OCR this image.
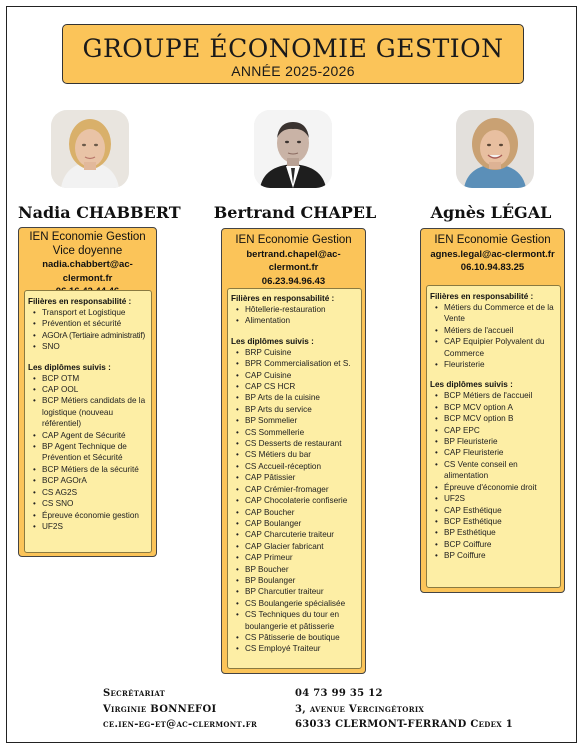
GROUPE ÉCONOMIE GESTION
ANNÉE 2025-2026
Nadia CHABBERT Bertrand CHAPEL	Agnès LÉGAL
IEN Economie Gestion
Vice doyenne
nadia.chabbert@ac-clermont.fr
Filières en responsabilité :
• Transport et Logistique
• Prévention et sécurité
• AGOrA (Tertiaire administratif)
• SNO
Les diplômes suivis :
• BCP OTM
• CAP OOL
• BCP Métiers candidats de la logistique (nouveau référentiel)
• CAP Agent de Sécurité
• BP Agent Technique de Prévention et Sécurité
• BCP Métiers de la sécurité
• BCP AGOrA
• CS AG2S
• CS SNO
• Épreuve économie gestion
• UF2S
IEN Economie Gestion
bertrand.chapel@ac-clermont.fr
06.23.94.96.43
Filières en responsabilité :
• Hôtellerie-restauration
• Alimentation
Les diplômes suivis :
• BRP Cuisine
• BPR Commercialisation et S.
• CAP Cuisine
• CAP CS HCR
• BP Arts de la cuisine
• BP Arts du service
• BP Sommelier
• CS Sommellerie
• CS Desserts de restaurant
• CS Métiers du bar
• CS Accueil-réception
• CAP Pâtissier
• CAP Crémier-fromager
• CAP Chocolaterie confiserie
• CAP Boucher
• CAP Boulanger
• CAP Charcuterie traiteur
• CAP Glacier fabricant
• CAP Primeur
• BP Boucher
• BP Boulanger
• BP Charcutier traiteur
• CS Boulangerie spécialisée
• CS Techniques du tour en boulangerie et pâtisserie
• CS Pâtisserie de boutique
• CS Employé Traiteur
IEN Economie Gestion
agnes.legal@ac-clermont.fr
06.10.94.83.25
Filières en responsabilité :
• Métiers du Commerce et de la Vente
• Métiers de l'accueil
• CAP Equipier Polyvalent du Commerce
• Fleuristerie
Les diplômes suivis :
• BCP Métiers de l'accueil
• BCP MCV option A
• BCP MCV option B
• CAP EPC
• BP Fleuristerie
• CAP Fleuristerie
• CS Vente conseil en alimentation
• Épreuve d'économie droit
• UF2S
• CAP Esthétique
• BCP Esthétique
• BP Esthétique
• BCP Coiffure
• BP Coiffure
Secrétariat
Virginie BONNEFOI
ce.ien-eg-et@ac-clermont.fr
04 73 99 35 12
3, avenue Vercingétorix
63033 CLERMONT-FERRAND Cedex 1
